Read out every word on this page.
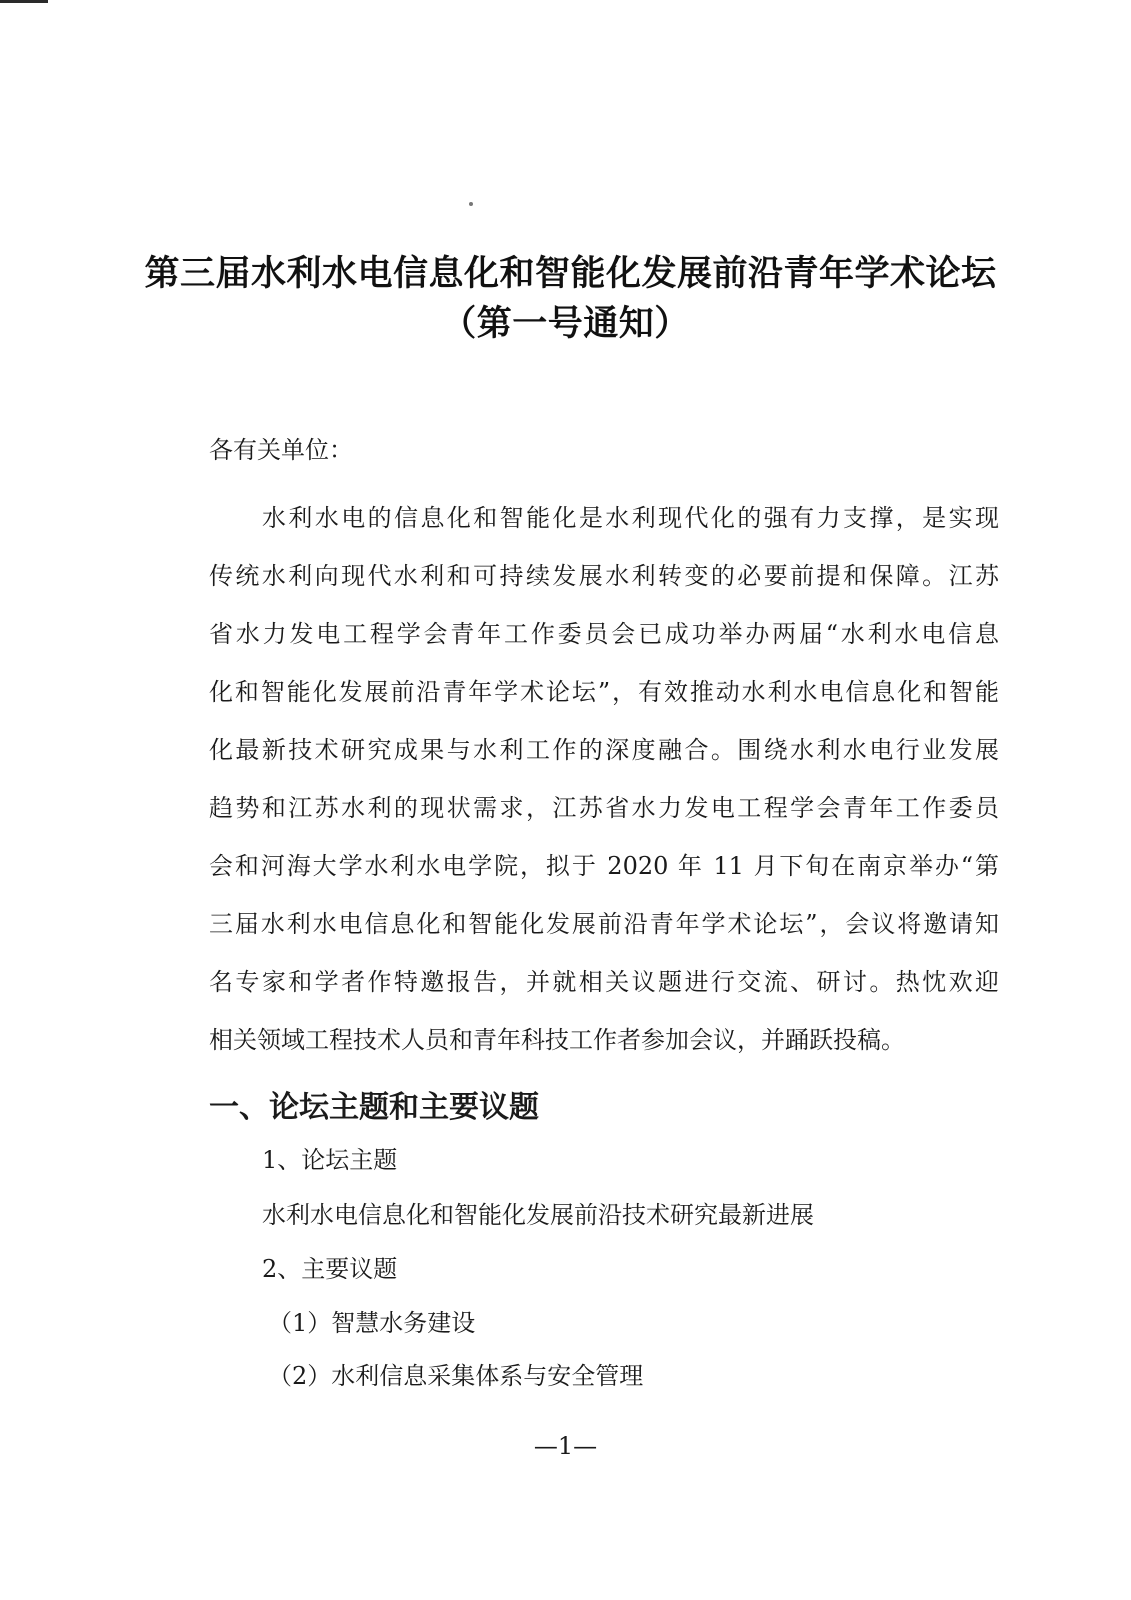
第三届水利水电信息化和智能化发展前沿青年学术论坛
（第一号通知）
各有关单位：
水利水电的信息化和智能化是水利现代化的强有力支撑，是实现
传统水利向现代水利和可持续发展水利转变的必要前提和保障。江苏
省水力发电工程学会青年工作委员会已成功举办两届“水利水电信息
化和智能化发展前沿青年学术论坛”，有效推动水利水电信息化和智能
化最新技术研究成果与水利工作的深度融合。围绕水利水电行业发展
趋势和江苏水利的现状需求，江苏省水力发电工程学会青年工作委员
会和河海大学水利水电学院，拟于 2020 年 11 月下旬在南京举办“第
三届水利水电信息化和智能化发展前沿青年学术论坛”，会议将邀请知
名专家和学者作特邀报告，并就相关议题进行交流、研讨。热忱欢迎
相关领域工程技术人员和青年科技工作者参加会议，并踊跃投稿。
一、论坛主题和主要议题
1、论坛主题
水利水电信息化和智能化发展前沿技术研究最新进展
2、主要议题
（1）智慧水务建设
（2）水利信息采集体系与安全管理
—1—
